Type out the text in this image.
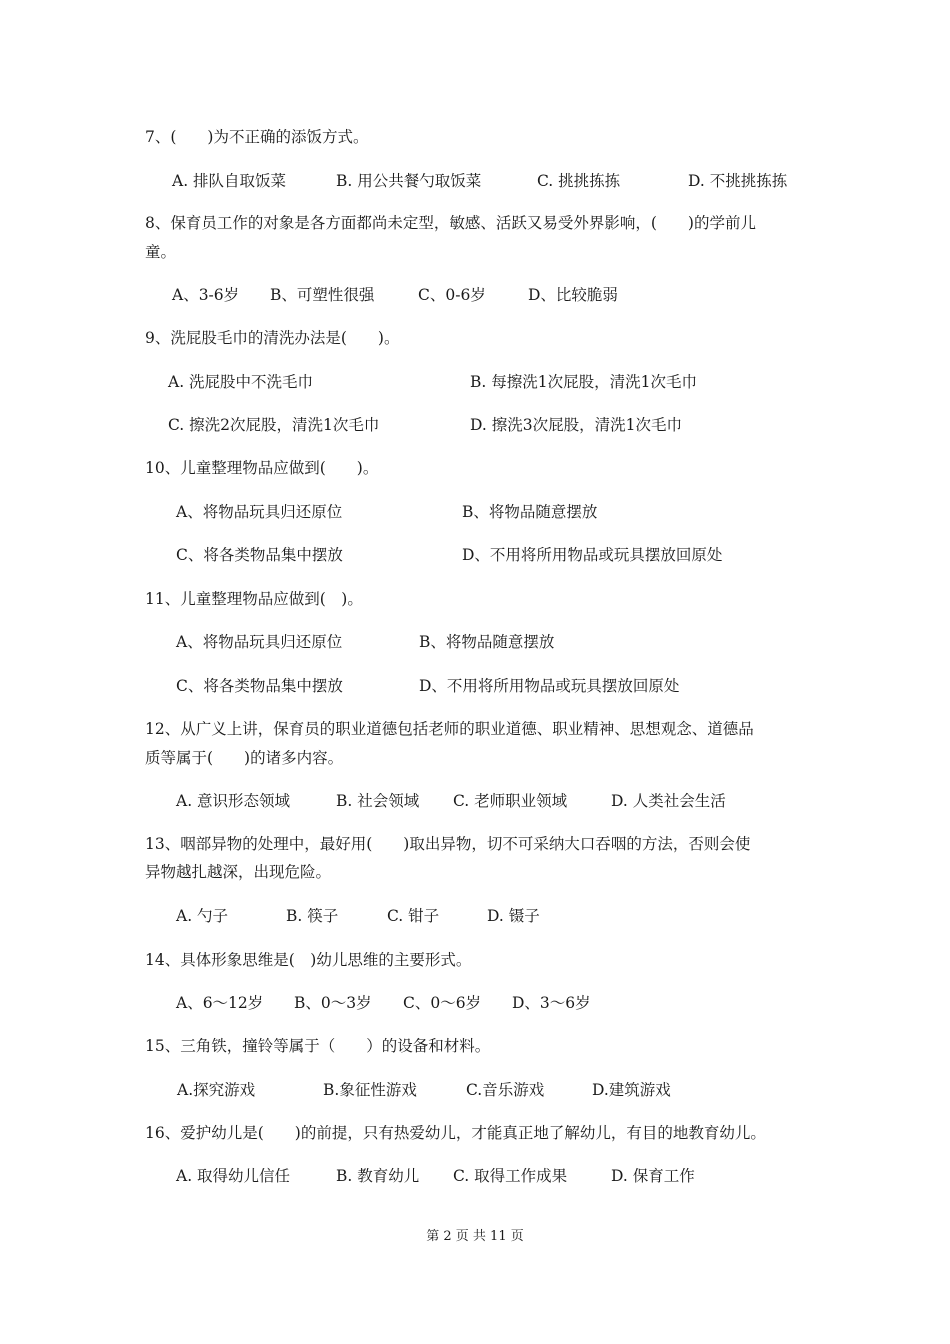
7、(　　)为不正确的添饭方式。
A. 排队自取饭菜	B. 用公共餐勺取饭菜	C. 挑挑拣拣	D. 不挑挑拣拣
8、保育员工作的对象是各方面都尚未定型，敏感、活跃又易受外界影响，(　　)的学前儿
童。
A、3-6岁 B、可塑性很强	C、0-6岁	D、比较脆弱
9、洗屁股毛巾的清洗办法是(　　)。
A. 洗屁股中不洗毛巾	B. 每擦洗1次屁股，清洗1次毛巾
C. 擦洗2次屁股，清洗1次毛巾	D. 擦洗3次屁股，清洗1次毛巾
10、儿童整理物品应做到(　　)。
A、将物品玩具归还原位	B、将物品随意摆放
C、将各类物品集中摆放	D、不用将所用物品或玩具摆放回原处
11、儿童整理物品应做到(　)。
A、将物品玩具归还原位	B、将物品随意摆放
C、将各类物品集中摆放	D、不用将所用物品或玩具摆放回原处
12、从广义上讲，保育员的职业道德包括老师的职业道德、职业精神、思想观念、道德品
质等属于(　　)的诸多内容。
A. 意识形态领域	B. 社会领域 C. 老师职业领域	D. 人类社会生活
13、咽部异物的处理中，最好用(　　)取出异物，切不可采纳大口吞咽的方法，否则会使
异物越扎越深，出现危险。
A. 勺子	B. 筷子	C. 钳子	D. 镊子
14、具体形象思维是(　)幼儿思维的主要形式。
A、6～12岁 B、0～3岁 C、0～6岁 D、3～6岁
15、三角铁，撞铃等属于（　　）的设备和材料。
A.探究游戏	B.象征性游戏	C.音乐游戏	D.建筑游戏
16、爱护幼儿是(　　)的前提，只有热爱幼儿，才能真正地了解幼儿，有目的地教育幼儿。
A. 取得幼儿信任	B. 教育幼儿 C. 取得工作成果	D. 保育工作
第 2 页 共 11 页
